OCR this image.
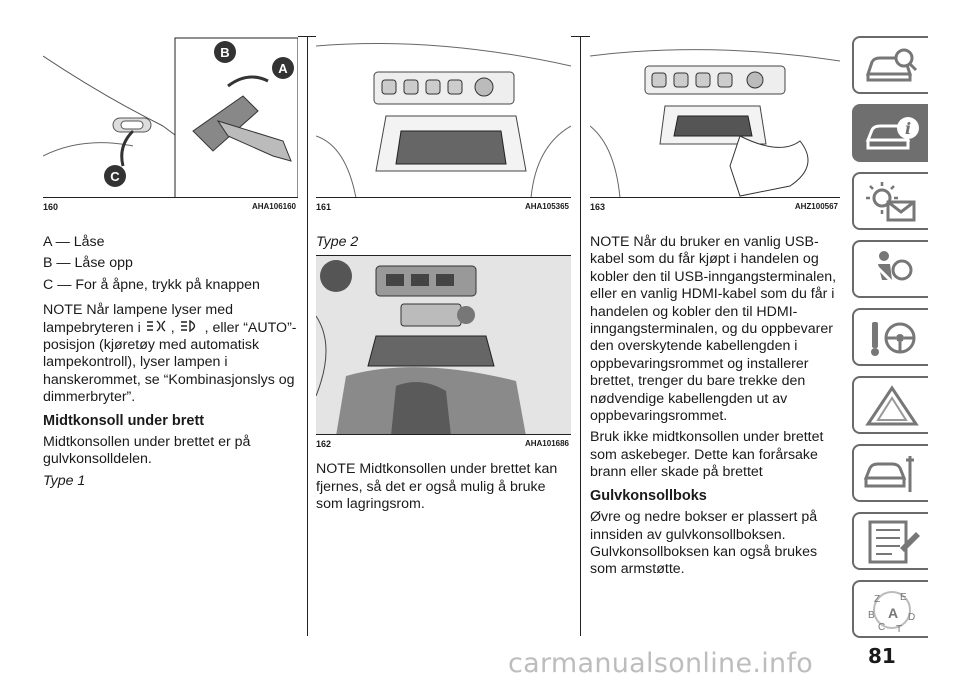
B
A
C
160	AHA106160
A — Låse
B — Låse opp
C — For å åpne, trykk på knappen
NOTE Når lampene lyser med lampebryteren i , , eller “AUTO”-posisjon (kjøretøy med automatisk lampekontroll), lyser lampen i hanskerommet, se “Kombinasjonslys og dimmerbryter”.
Midtkonsoll under brett
Midtkonsollen under brettet er på gulvkonsolldelen.
Type 1
161	AHA105365
Type 2
162	AHA101686
NOTE Midtkonsollen under brettet kan fjernes, så det er også mulig å bruke som lagringsrom.
163	AHZ100567
NOTE Når du bruker en vanlig USB-kabel som du får kjøpt i handelen og kobler den til USB-inngangsterminalen, eller en vanlig HDMI-kabel som du får i handelen og kobler den til HDMI-inngangsterminalen, og du oppbevarer den overskytende kabellengden i oppbevaringsrommet og installerer brettet, trenger du bare trekke den nødvendige kabellengden ut av oppbevaringsrommet.
Bruk ikke midtkonsollen under brettet som askebeger. Dette kan forårsake brann eller skade på brettet
Gulvkonsollboks
Øvre og nedre bokser er plassert på innsiden av gulvkonsollboksen. Gulvkonsollboksen kan også brukes som armstøtte.
i
Z E
B A D
C T
81
carmanualsonline.info
